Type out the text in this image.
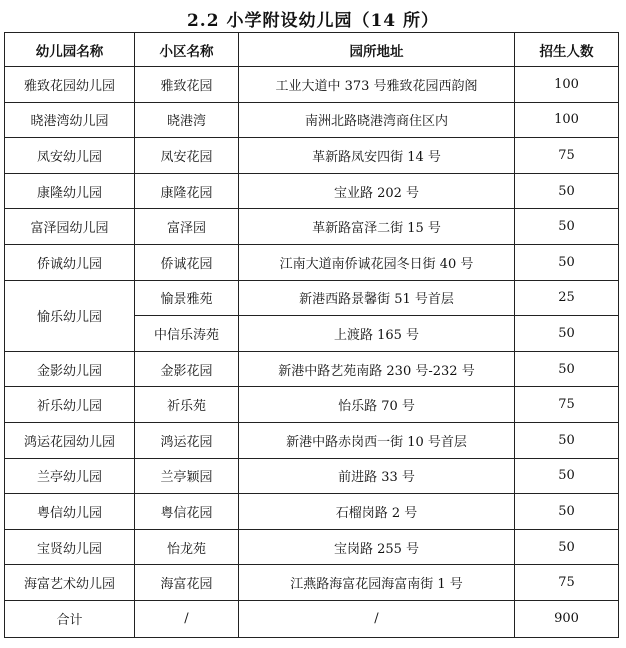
2.2 小学附设幼儿园（14 所）
幼儿园名称	小区名称	园所地址	招生人数
雅致花园幼儿园	雅致花园	工业大道中 373 号雅致花园西韵阁	100
晓港湾幼儿园	晓港湾	南洲北路晓港湾商住区内	100
凤安幼儿园	凤安花园	革新路凤安四街 14 号	75
康隆幼儿园	康隆花园	宝业路 202 号	50
富泽园幼儿园	富泽园	革新路富泽二街 15 号	50
侨诚幼儿园	侨诚花园	江南大道南侨诚花园冬日街 40 号	50
愉乐幼儿园	愉景雅苑	新港西路景馨街 51 号首层	25
	中信乐涛苑	上渡路 165 号	50
金影幼儿园	金影花园	新港中路艺苑南路 230 号-232 号	50
祈乐幼儿园	祈乐苑	怡乐路 70 号	75
鸿运花园幼儿园	鸿运花园	新港中路赤岗西一街 10 号首层	50
兰亭幼儿园	兰亭颖园	前进路 33 号	50
粤信幼儿园	粤信花园	石榴岗路 2 号	50
宝贤幼儿园	怡龙苑	宝岗路 255 号	50
海富艺术幼儿园	海富花园	江燕路海富花园海富南街 1 号	75
合计	/	/	900
